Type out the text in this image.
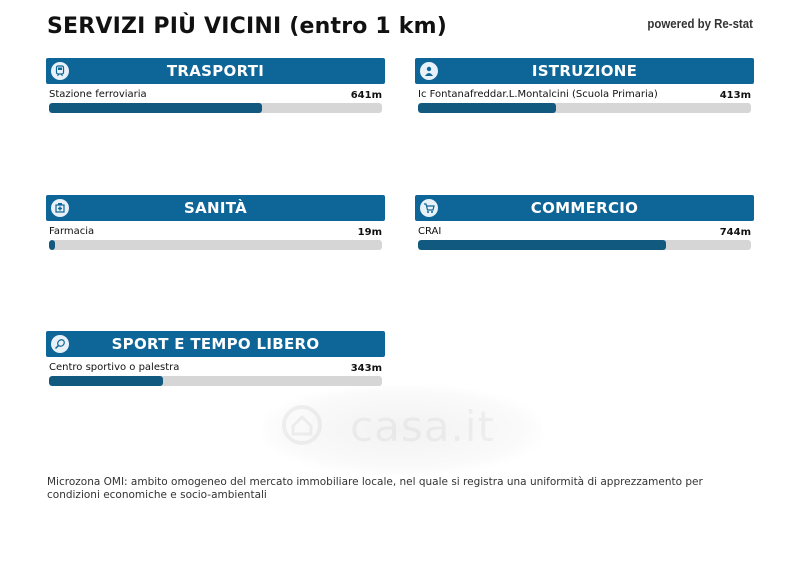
SERVIZI PIÙ VICINI (entro 1 km)	powered by Re-stat
TRASPORTI
Stazione ferroviaria	641m
ISTRUZIONE
Ic Fontanafreddar.L.Montalcini (Scuola Primaria)	413m
SANITÀ
Farmacia	19m
COMMERCIO
CRAI	744m
SPORT E TEMPO LIBERO
Centro sportivo o palestra	343m
Microzona OMI: ambito omogeneo del mercato immobiliare locale, nel quale si registra una uniformità di apprezzamento per condizioni economiche e socio-ambientali
